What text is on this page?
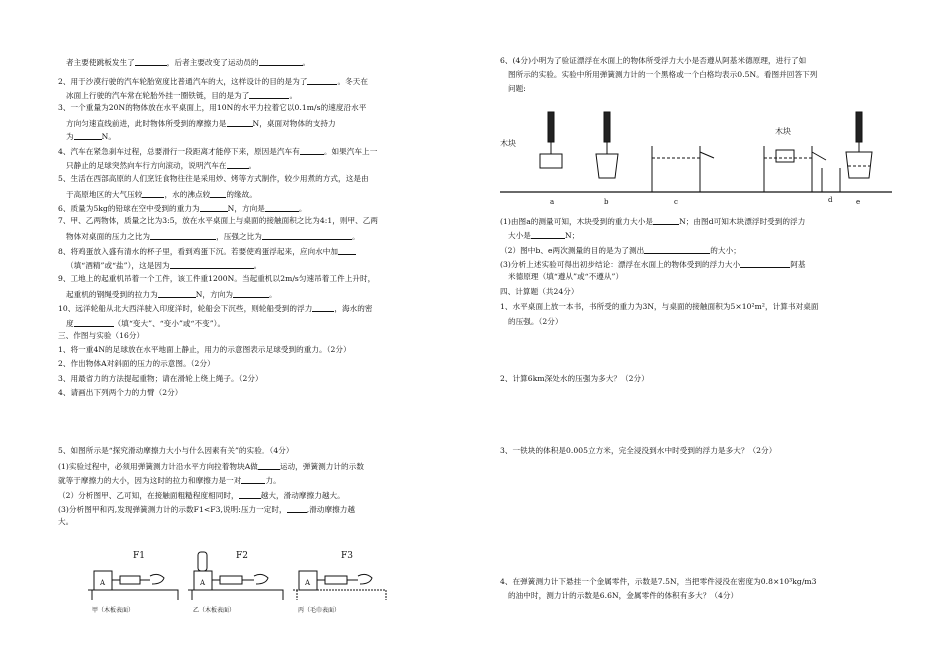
者主要使跳板发生了	，后者主要改变了运动员的	。
2、用于沙漠行驶的汽车轮胎宽度比普通汽车的大，这样设计的目的是为了	。冬天在
冰面上行驶的汽车常在轮胎外挂一圈铁链，目的是为了	。
3、一个重量为20N的物体放在水平桌面上，用10N的水平力拉着它以0.1m/s的速度沿水平
方向匀速直线前进，此时物体所受到的摩擦力是	N，桌面对物体的支持力
为	N。
4、汽车在紧急刹车过程，总要滑行一段距离才能停下来，原因是汽车有	。如果汽车上一
只静止的足球突然向车行方向滚动，说明汽车在	。
5、生活在西部高原的人们烹饪食物往往是采用炒、烤等方式制作，较少用煮的方式，这是由
于高原地区的大气压较	，水的沸点较 的缘故。
6、质量为5kg的铅球在空中受到的重力为	N，方向是	。
7、甲、乙两物体，质量之比为3:5，放在水平桌面上与桌面的接触面积之比为4:1，则甲、乙两
物体对桌面的压力之比为	，压强之比为	。
8、将鸡蛋放入盛有清水的杯子里，看到鸡蛋下沉。若要使鸡蛋浮起来，应向水中加
（填“酒精”或“盐”），这是因为	。
9、工地上的起重机吊着一个工件，该工件重1200N。当起重机以2m/s匀速吊着工件上升时，
起重机的钢绳受到的拉力为	N，方向为	。
10、远洋轮船从北大西洋驶入印度洋时，轮船会下沉些，则轮船受到的浮力	，海水的密
度	（填“变大”、“变小”或“不变”）。
三、作图与实验（16分）
1、将一重4N的足球放在水平地面上静止，用力的示意图表示足球受到的重力。（2分）
2、作出物体A对斜面的压力的示意图。（2分）
3、用最省力的方法提起重物；请在滑轮上绕上绳子。（2分）
4、请画出下列两个力的力臂（2分）
5、如图所示是“探究滑动摩擦力大小与什么因素有关”的实验．（4分）
(1)实验过程中，必须用弹簧测力计沿水平方向拉着物块A做	运动，弹簧测力计的示数
就等于摩擦力的大小，因为这时的拉力和摩擦力是一对	力。
（2）分析图甲、乙可知，在接触面粗糙程度相同时，	越大，滑动摩擦力越大。
(3)分析图甲和丙,发现弹簧测力计的示数F1<F3,说明:压力一定时，	,滑动摩擦力越
大。
F1
A
F2
A
F3
A
甲（木板表面）	乙（木板表面）	丙（毛巾表面）
6、(4分)小明为了验证漂浮在水面上的物体所受浮力大小是否遵从阿基米德原理，进行了如
图所示的实验。实验中所用弹簧测力计的一个黑格或一个白格均表示0.5N。看图并回答下列
问题:
木块
a	b	c
木块
d	e
(1)由图a的测量可知，木块受到的重力大小是	N；由图d可知木块漂浮时受到的浮力
大小是	N；
（2）图中b、e两次测量的目的是为了测出	的大小；
(3)分析上述实验可得出初步结论：漂浮在水面上的物体受到的浮力大小	阿基
米德原理（填“遵从”或“不遵从”）
四、计算题（共24分）
1、水平桌面上放一本书，书所受的重力为3N，与桌面的接触面积为5×10²m²，计算书对桌面
的压强。（2分）
2、计算6km深处水的压强为多大？（2分）
3、一铁块的体积是0.005立方米，完全浸没到水中时受到的浮力是多大？（2分）
4、在弹簧测力计下悬挂一个金属零件，示数是7.5N，当把零件浸没在密度为0.8×10³kg/m3
的油中时，测力计的示数是6.6N，金属零件的体积有多大？（4分）
